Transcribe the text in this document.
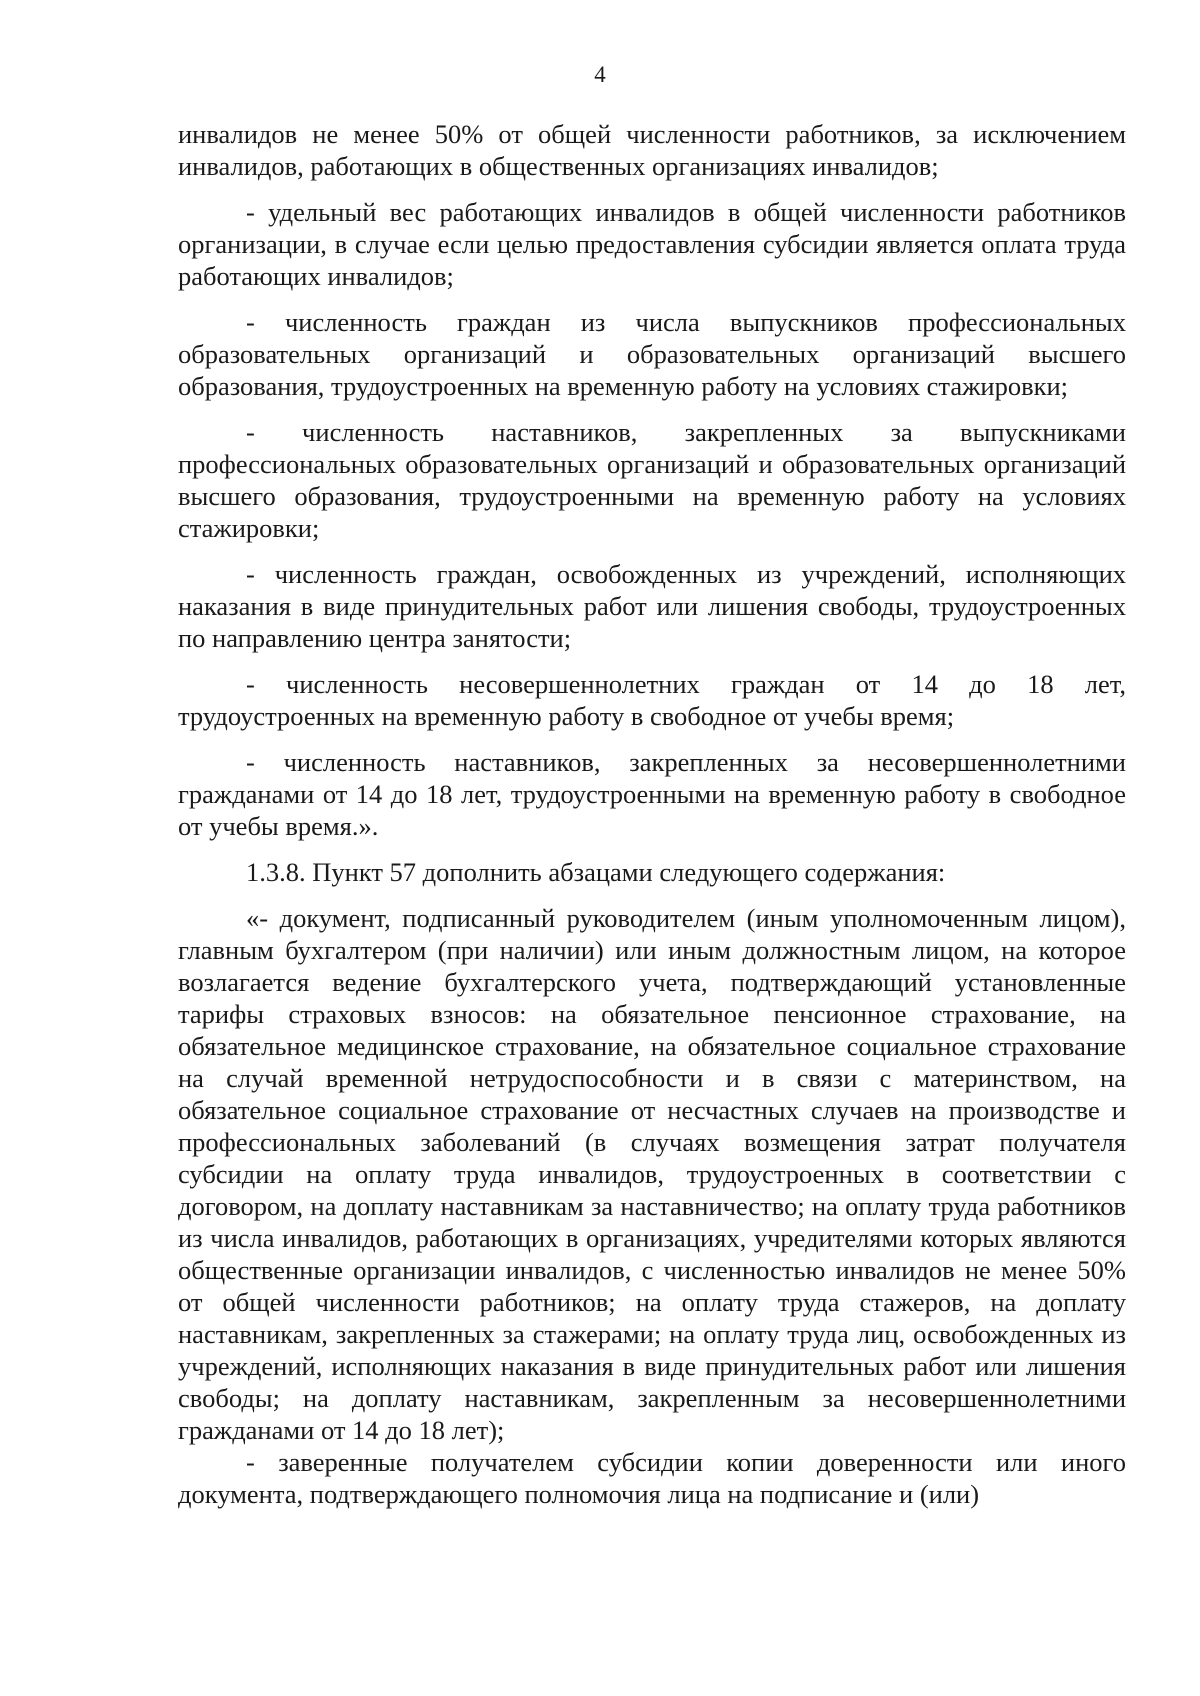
4

инвалидов не менее 50% от общей численности работников, за исключением инвалидов, работающих в общественных организациях инвалидов;

- удельный вес работающих инвалидов в общей численности работников организации, в случае если целью предоставления субсидии является оплата труда работающих инвалидов;

- численность граждан из числа выпускников профессиональных образовательных организаций и образовательных организаций высшего образования, трудоустроенных на временную работу на условиях стажировки;

- численность наставников, закрепленных за выпускниками профессиональных образовательных организаций и образовательных организаций высшего образования, трудоустроенными на временную работу на условиях стажировки;

- численность граждан, освобожденных из учреждений, исполняющих наказания в виде принудительных работ или лишения свободы, трудоустроенных по направлению центра занятости;

- численность несовершеннолетних граждан от 14 до 18 лет, трудоустроенных на временную работу в свободное от учебы время;

- численность наставников, закрепленных за несовершеннолетними гражданами от 14 до 18 лет, трудоустроенными на временную работу в свободное от учебы время.».

1.3.8. Пункт 57 дополнить абзацами следующего содержания:

«- документ, подписанный руководителем (иным уполномоченным лицом), главным бухгалтером (при наличии) или иным должностным лицом, на которое возлагается ведение бухгалтерского учета, подтверждающий установленные тарифы страховых взносов: на обязательное пенсионное страхование, на обязательное медицинское страхование, на обязательное социальное страхование на случай временной нетрудоспособности и в связи с материнством, на обязательное социальное страхование от несчастных случаев на производстве и профессиональных заболеваний (в случаях возмещения затрат получателя субсидии на оплату труда инвалидов, трудоустроенных в соответствии с договором, на доплату наставникам за наставничество; на оплату труда работников из числа инвалидов, работающих в организациях, учредителями которых являются общественные организации инвалидов, с численностью инвалидов не менее 50% от общей численности работников; на оплату труда стажеров, на доплату наставникам, закрепленных за стажерами; на оплату труда лиц, освобожденных из учреждений, исполняющих наказания в виде принудительных работ или лишения свободы; на доплату наставникам, закрепленным за несовершеннолетними гражданами от 14 до 18 лет);

- заверенные получателем субсидии копии доверенности или иного документа, подтверждающего полномочия лица на подписание и (или)
